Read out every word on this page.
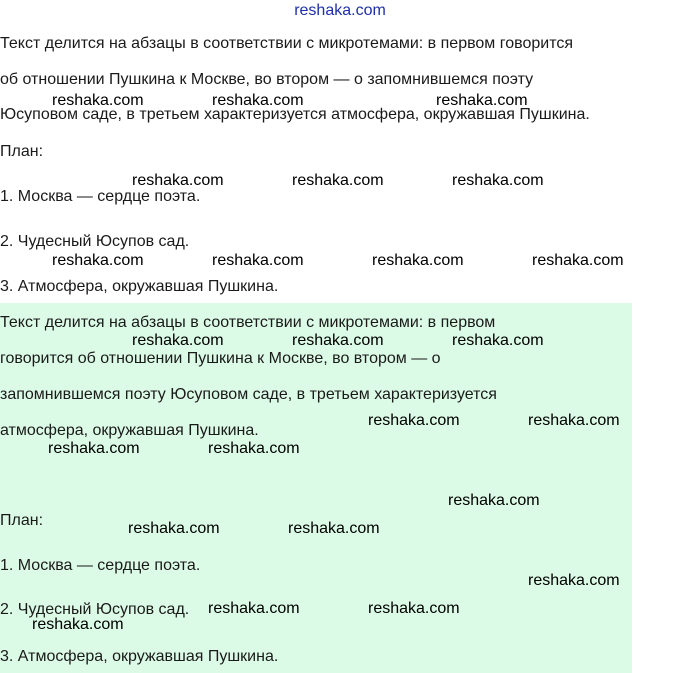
reshaka.com
Текст делится на абзацы в соответствии с микротемами: в первом говорится
об отношении Пушкина к Москве, во втором — о запомнившемся поэту
Юсуповом саде, в третьем характеризуется атмосфера, окружавшая Пушкина.
План:
1. Москва — сердце поэта.
2. Чудесный Юсупов сад.
3. Атмосфера, окружавшая Пушкина.
Текст делится на абзацы в соответствии с микротемами: в первом
говорится об отношении Пушкина к Москве, во втором — о
запомнившемся поэту Юсуповом саде, в третьем характеризуется
атмосфера, окружавшая Пушкина.
План:
1. Москва — сердце поэта.
2. Чудесный Юсупов сад.
3. Атмосфера, окружавшая Пушкина.
reshaka.com	reshaka.com	reshaka.com
reshaka.com	reshaka.com	reshaka.com
reshaka.com	reshaka.com	reshaka.com	reshaka.com
reshaka.com	reshaka.com	reshaka.com
reshaka.com	reshaka.com
reshaka.com	reshaka.com
reshaka.com
reshaka.com	reshaka.com
reshaka.com
reshaka.com	reshaka.com
reshaka.com
